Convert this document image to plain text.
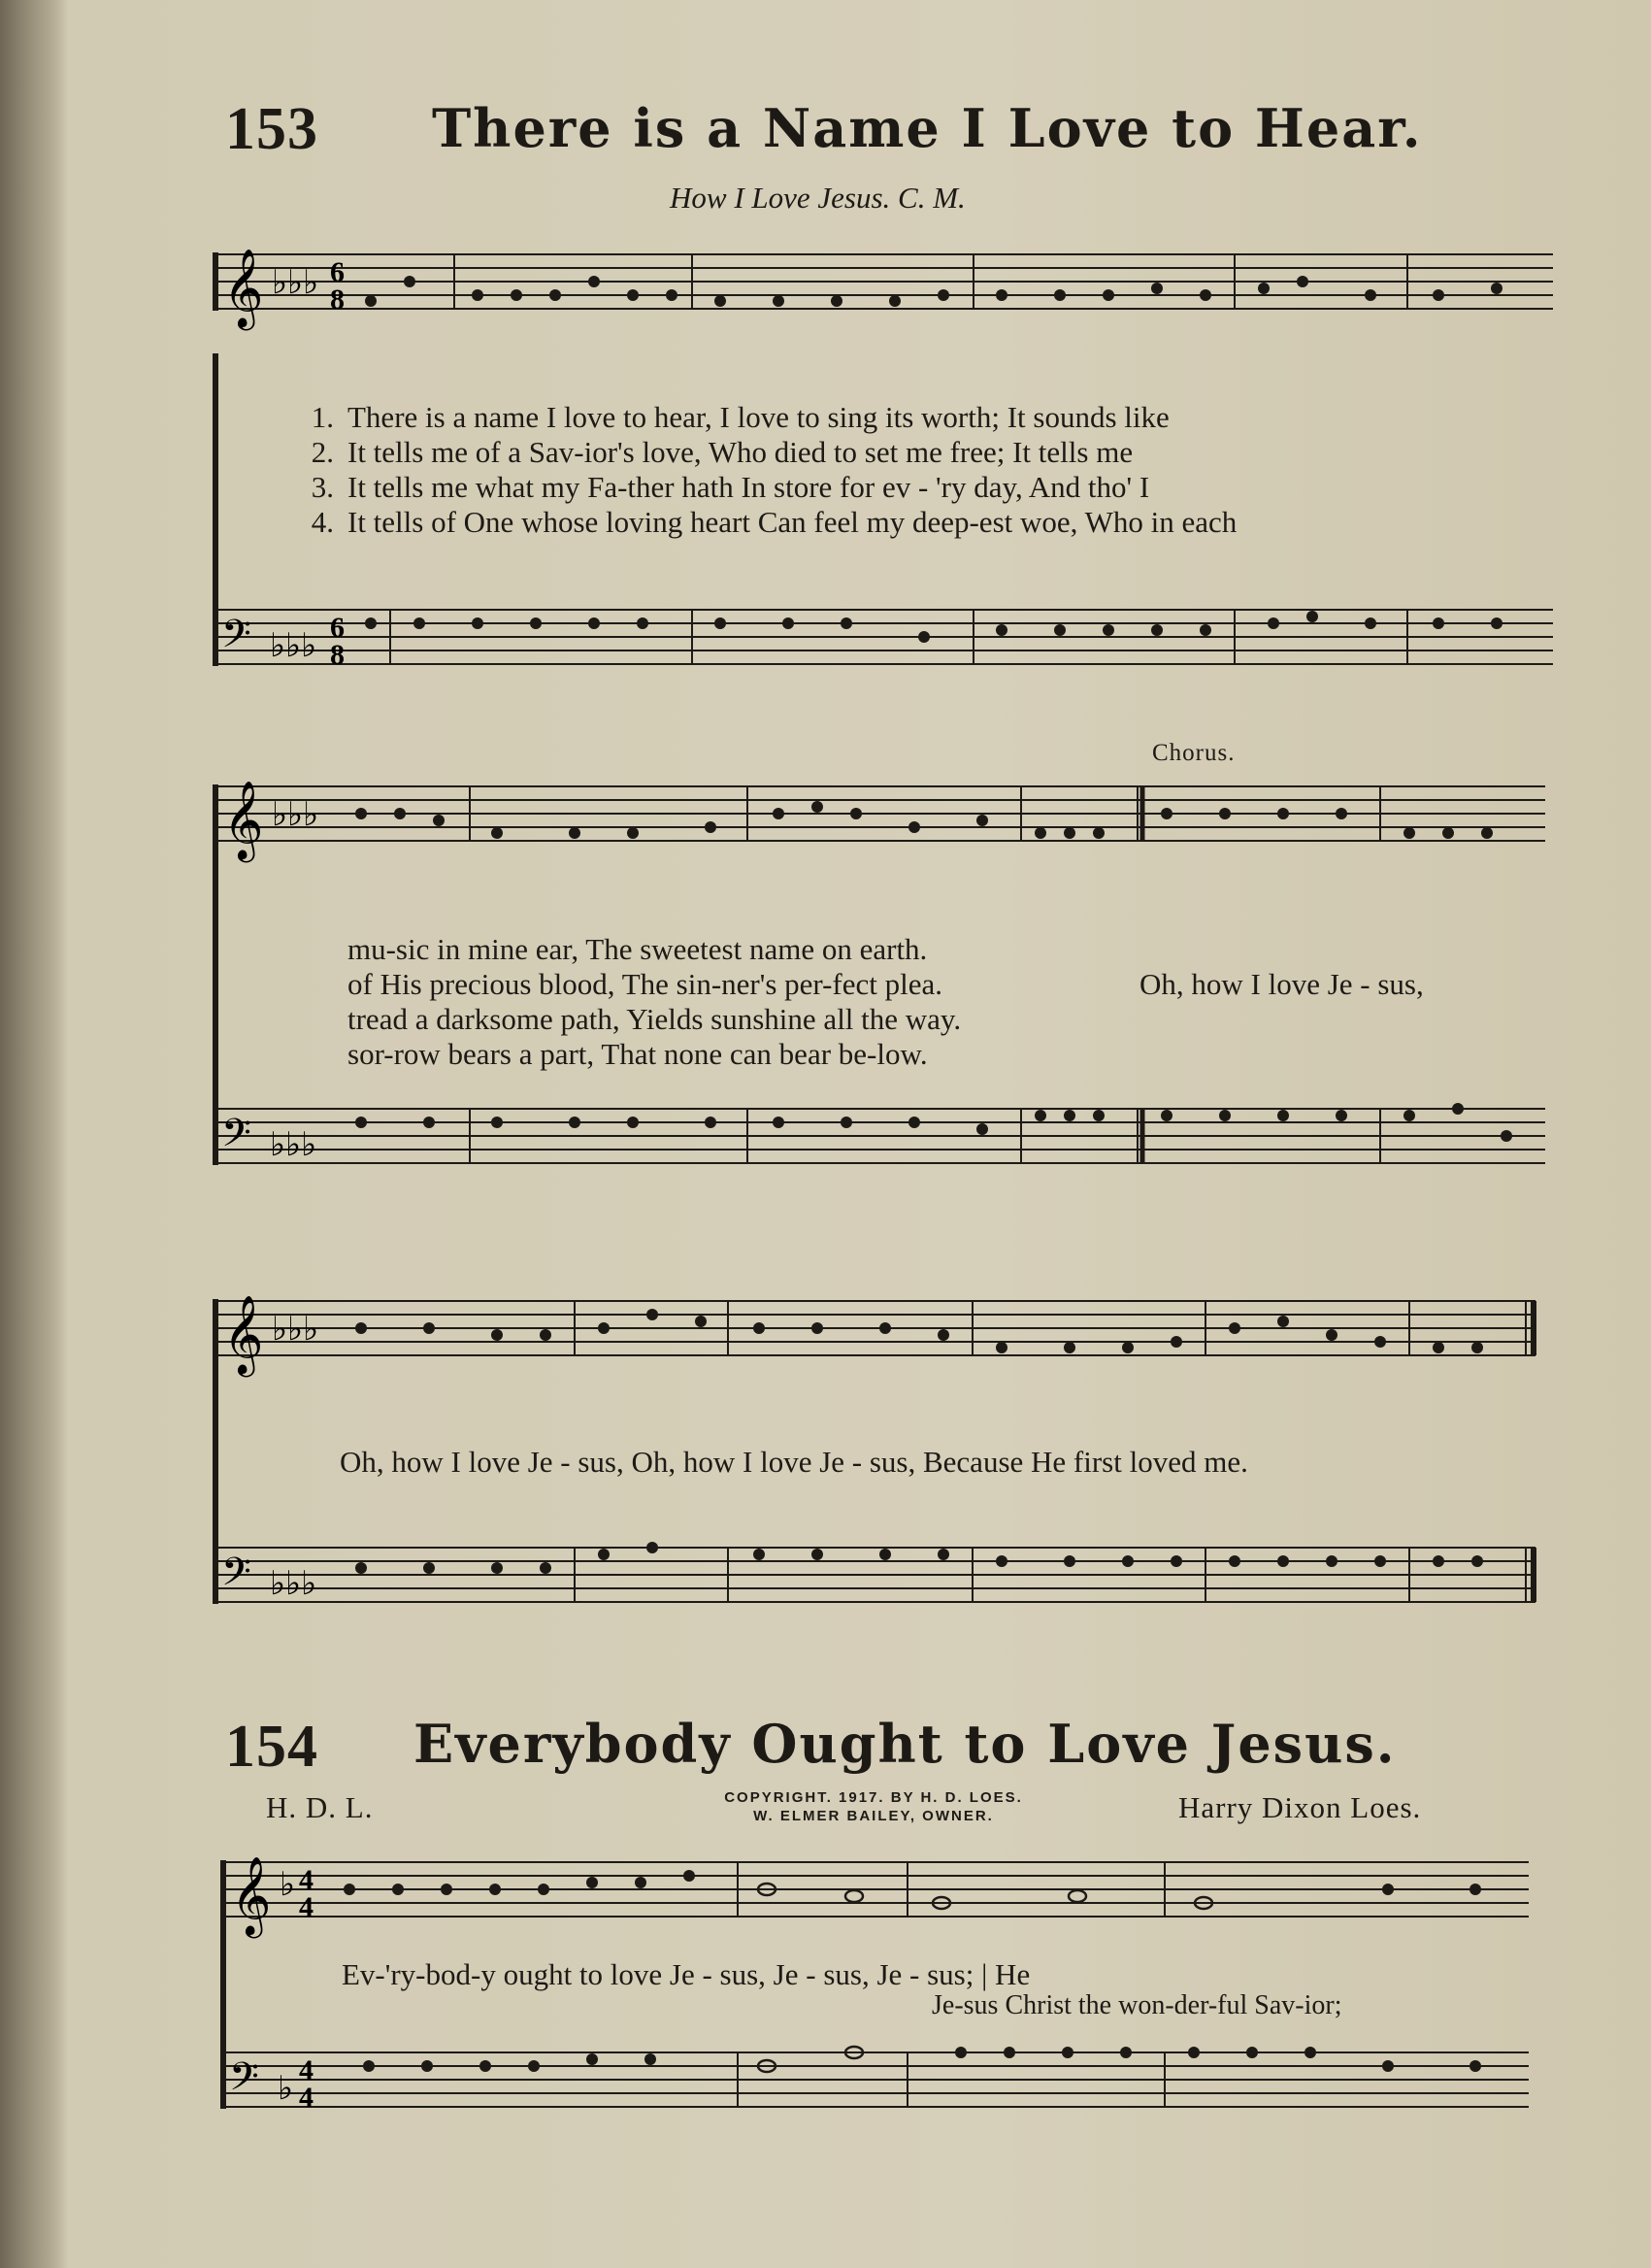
153 There is a Name I Love to Hear.
How I Love Jesus. C. M.
𝄞 ♭♭♭ 6
8
1. There is a name I love to hear, I love to sing its worth; It sounds like
2. It tells me of a Sav-ior's love, Who died to set me free; It tells me
3. It tells me what my Fa-ther hath In store for ev - 'ry day, And tho' I
4. It tells of One whose loving heart Can feel my deep-est woe, Who in each
𝄢 ♭♭♭
6
8
Chorus.
𝄞 ♭♭♭
mu-sic in mine ear, The sweetest name on earth.
of His precious blood, The sin-ner's per-fect plea.
tread a darksome path, Yields sunshine all the way.
sor-row bears a part, That none can bear be-low.
Oh, how I love Je - sus,
𝄢 ♭♭♭
𝄞 ♭♭♭
Oh, how I love Je - sus, Oh, how I love Je - sus, Because He first loved me.
𝄢 ♭♭♭
154 Everybody Ought to Love Jesus.
H. D. L.	COPYRIGHT. 1917. BY H. D. LOES.
W. ELMER BAILEY, OWNER.	Harry Dixon Loes.
𝄞 ♭ 4
4
Ev-'ry-bod-y ought to love Je - sus, Je - sus, Je - sus; | He
Je-sus Christ the won-der-ful Sav-ior;
𝄢 ♭
4
4
